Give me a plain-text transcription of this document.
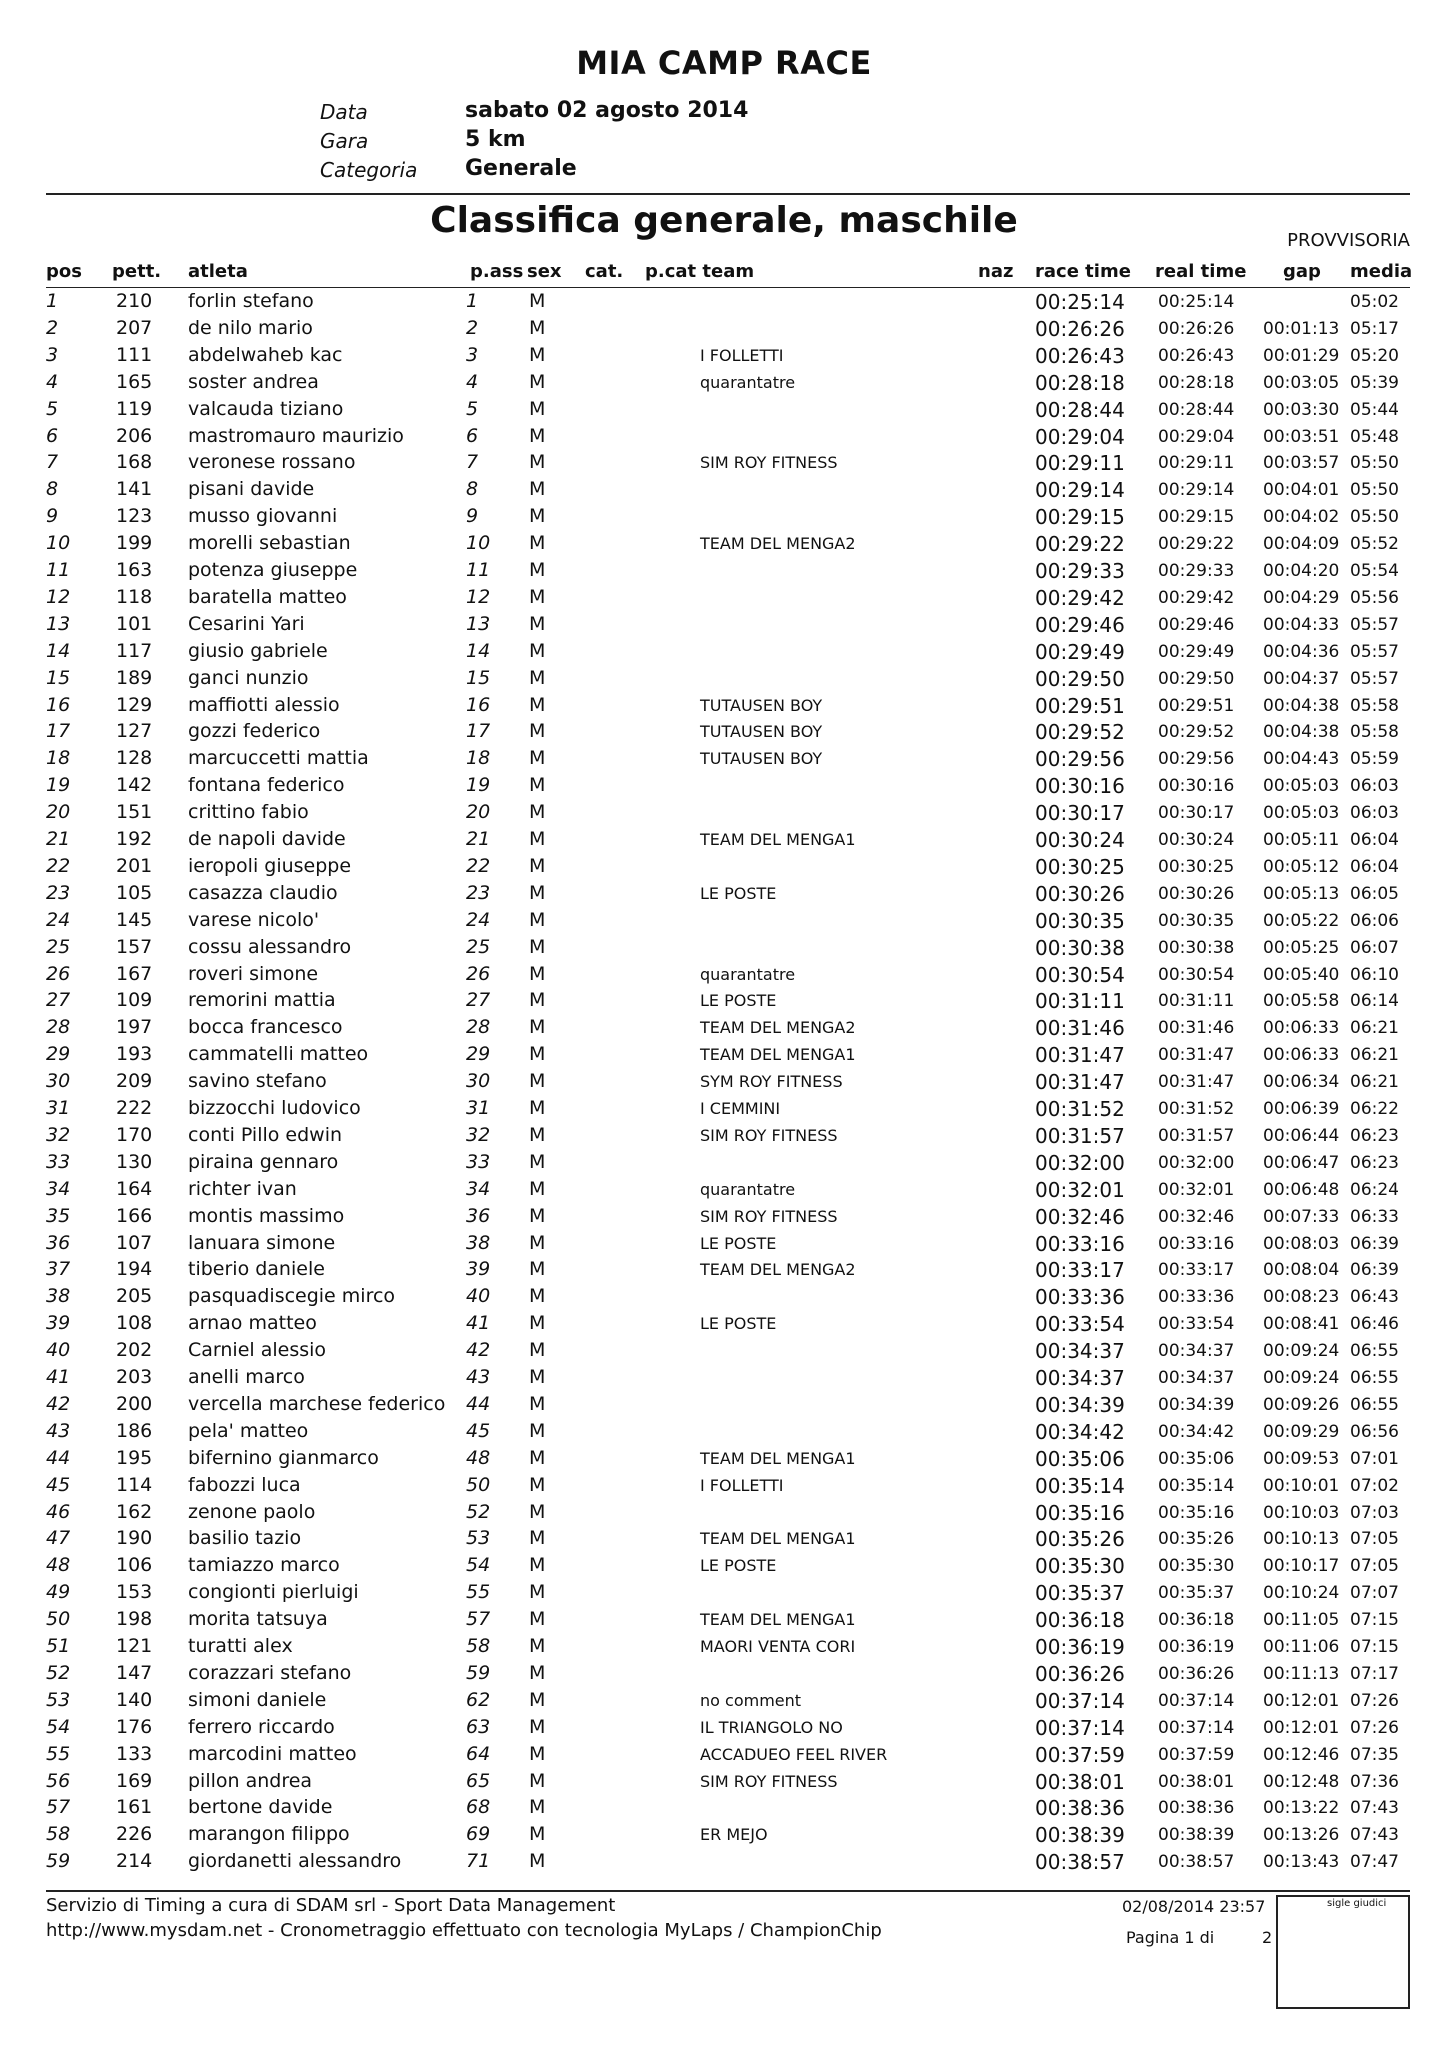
MIA CAMP RACE
Data	sabato 02 agosto 2014
Gara	5 km
Categoria Generale
Classifica generale, maschile	PROVVISORIA
pos pett. atleta	p.ass sex cat. p.cat team	naz race time real time gap media
1	210 forlin stefano	1	M	00:25:14 00:25:14	05:02
2	207 de nilo mario	2	M	00:26:26 00:26:26 00:01:13 05:17
3	111 abdelwaheb kac	3	M	I FOLLETTI	00:26:43 00:26:43 00:01:29 05:20
4	165 soster andrea	4	M	quarantatre	00:28:18 00:28:18 00:03:05 05:39
5	119 valcauda tiziano	5	M	00:28:44 00:28:44 00:03:30 05:44
6	206 mastromauro maurizio	6	M	00:29:04 00:29:04 00:03:51 05:48
7	168 veronese rossano	7	M	SIM ROY FITNESS	00:29:11 00:29:11 00:03:57 05:50
8	141 pisani davide	8	M	00:29:14 00:29:14 00:04:01 05:50
9	123 musso giovanni	9	M	00:29:15 00:29:15 00:04:02 05:50
10 199 morelli sebastian	10 M	TEAM DEL MENGA2	00:29:22 00:29:22 00:04:09 05:52
11 163 potenza giuseppe	11 M	00:29:33 00:29:33 00:04:20 05:54
12 118 baratella matteo	12 M	00:29:42 00:29:42 00:04:29 05:56
13 101 Cesarini Yari	13 M	00:29:46 00:29:46 00:04:33 05:57
14 117 giusio gabriele	14 M	00:29:49 00:29:49 00:04:36 05:57
15 189 ganci nunzio	15 M	00:29:50 00:29:50 00:04:37 05:57
16 129 maffiotti alessio	16 M	TUTAUSEN BOY	00:29:51 00:29:51 00:04:38 05:58
17 127 gozzi federico	17 M	TUTAUSEN BOY	00:29:52 00:29:52 00:04:38 05:58
18 128 marcuccetti mattia	18 M	TUTAUSEN BOY	00:29:56 00:29:56 00:04:43 05:59
19 142 fontana federico	19 M	00:30:16 00:30:16 00:05:03 06:03
20 151 crittino fabio	20 M	00:30:17 00:30:17 00:05:03 06:03
21 192 de napoli davide	21 M	TEAM DEL MENGA1	00:30:24 00:30:24 00:05:11 06:04
22 201 ieropoli giuseppe	22 M	00:30:25 00:30:25 00:05:12 06:04
23 105 casazza claudio	23 M	LE POSTE	00:30:26 00:30:26 00:05:13 06:05
24 145 varese nicolo'	24 M	00:30:35 00:30:35 00:05:22 06:06
25 157 cossu alessandro	25 M	00:30:38 00:30:38 00:05:25 06:07
26 167 roveri simone	26 M	quarantatre	00:30:54 00:30:54 00:05:40 06:10
27 109 remorini mattia	27 M	LE POSTE	00:31:11 00:31:11 00:05:58 06:14
28 197 bocca francesco	28 M	TEAM DEL MENGA2	00:31:46 00:31:46 00:06:33 06:21
29 193 cammatelli matteo	29 M	TEAM DEL MENGA1	00:31:47 00:31:47 00:06:33 06:21
30 209 savino stefano	30 M	SYM ROY FITNESS	00:31:47 00:31:47 00:06:34 06:21
31 222 bizzocchi ludovico	31 M	I CEMMINI	00:31:52 00:31:52 00:06:39 06:22
32 170 conti Pillo edwin	32 M	SIM ROY FITNESS	00:31:57 00:31:57 00:06:44 06:23
33 130 piraina gennaro	33 M	00:32:00 00:32:00 00:06:47 06:23
34 164 richter ivan	34 M	quarantatre	00:32:01 00:32:01 00:06:48 06:24
35 166 montis massimo	36 M	SIM ROY FITNESS	00:32:46 00:32:46 00:07:33 06:33
36 107 lanuara simone	38 M	LE POSTE	00:33:16 00:33:16 00:08:03 06:39
37 194 tiberio daniele	39 M	TEAM DEL MENGA2	00:33:17 00:33:17 00:08:04 06:39
38 205 pasquadiscegie mirco	40 M	00:33:36 00:33:36 00:08:23 06:43
39 108 arnao matteo	41 M	LE POSTE	00:33:54 00:33:54 00:08:41 06:46
40 202 Carniel alessio	42 M	00:34:37 00:34:37 00:09:24 06:55
41 203 anelli marco	43 M	00:34:37 00:34:37 00:09:24 06:55
42 200 vercella marchese federico 44 M	00:34:39 00:34:39 00:09:26 06:55
43 186 pela' matteo	45 M	00:34:42 00:34:42 00:09:29 06:56
44 195 bifernino gianmarco	48 M	TEAM DEL MENGA1	00:35:06 00:35:06 00:09:53 07:01
45 114 fabozzi luca	50 M	I FOLLETTI	00:35:14 00:35:14 00:10:01 07:02
46 162 zenone paolo	52 M	00:35:16 00:35:16 00:10:03 07:03
47 190 basilio tazio	53 M	TEAM DEL MENGA1	00:35:26 00:35:26 00:10:13 07:05
48 106 tamiazzo marco	54 M	LE POSTE	00:35:30 00:35:30 00:10:17 07:05
49 153 congionti pierluigi	55 M	00:35:37 00:35:37 00:10:24 07:07
50 198 morita tatsuya	57 M	TEAM DEL MENGA1	00:36:18 00:36:18 00:11:05 07:15
51 121 turatti alex	58 M	MAORI VENTA CORI	00:36:19 00:36:19 00:11:06 07:15
52 147 corazzari stefano	59 M	00:36:26 00:36:26 00:11:13 07:17
53 140 simoni daniele	62 M	no comment	00:37:14 00:37:14 00:12:01 07:26
54 176 ferrero riccardo	63 M	IL TRIANGOLO NO	00:37:14 00:37:14 00:12:01 07:26
55 133 marcodini matteo	64 M	ACCADUEO FEEL RIVER	00:37:59 00:37:59 00:12:46 07:35
56 169 pillon andrea	65 M	SIM ROY FITNESS	00:38:01 00:38:01 00:12:48 07:36
57 161 bertone davide	68 M	00:38:36 00:38:36 00:13:22 07:43
58 226 marangon filippo	69 M	ER MEJO	00:38:39 00:38:39 00:13:26 07:43
59 214 giordanetti alessandro	71 M	00:38:57 00:38:57 00:13:43 07:47
Servizio di Timing a cura di SDAM srl - Sport Data Management
http://www.mysdam.net - Cronometraggio effettuato con tecnologia MyLaps / ChampionChip
02/08/2014 23:57
Pagina 1 di	2
sigle giudici
